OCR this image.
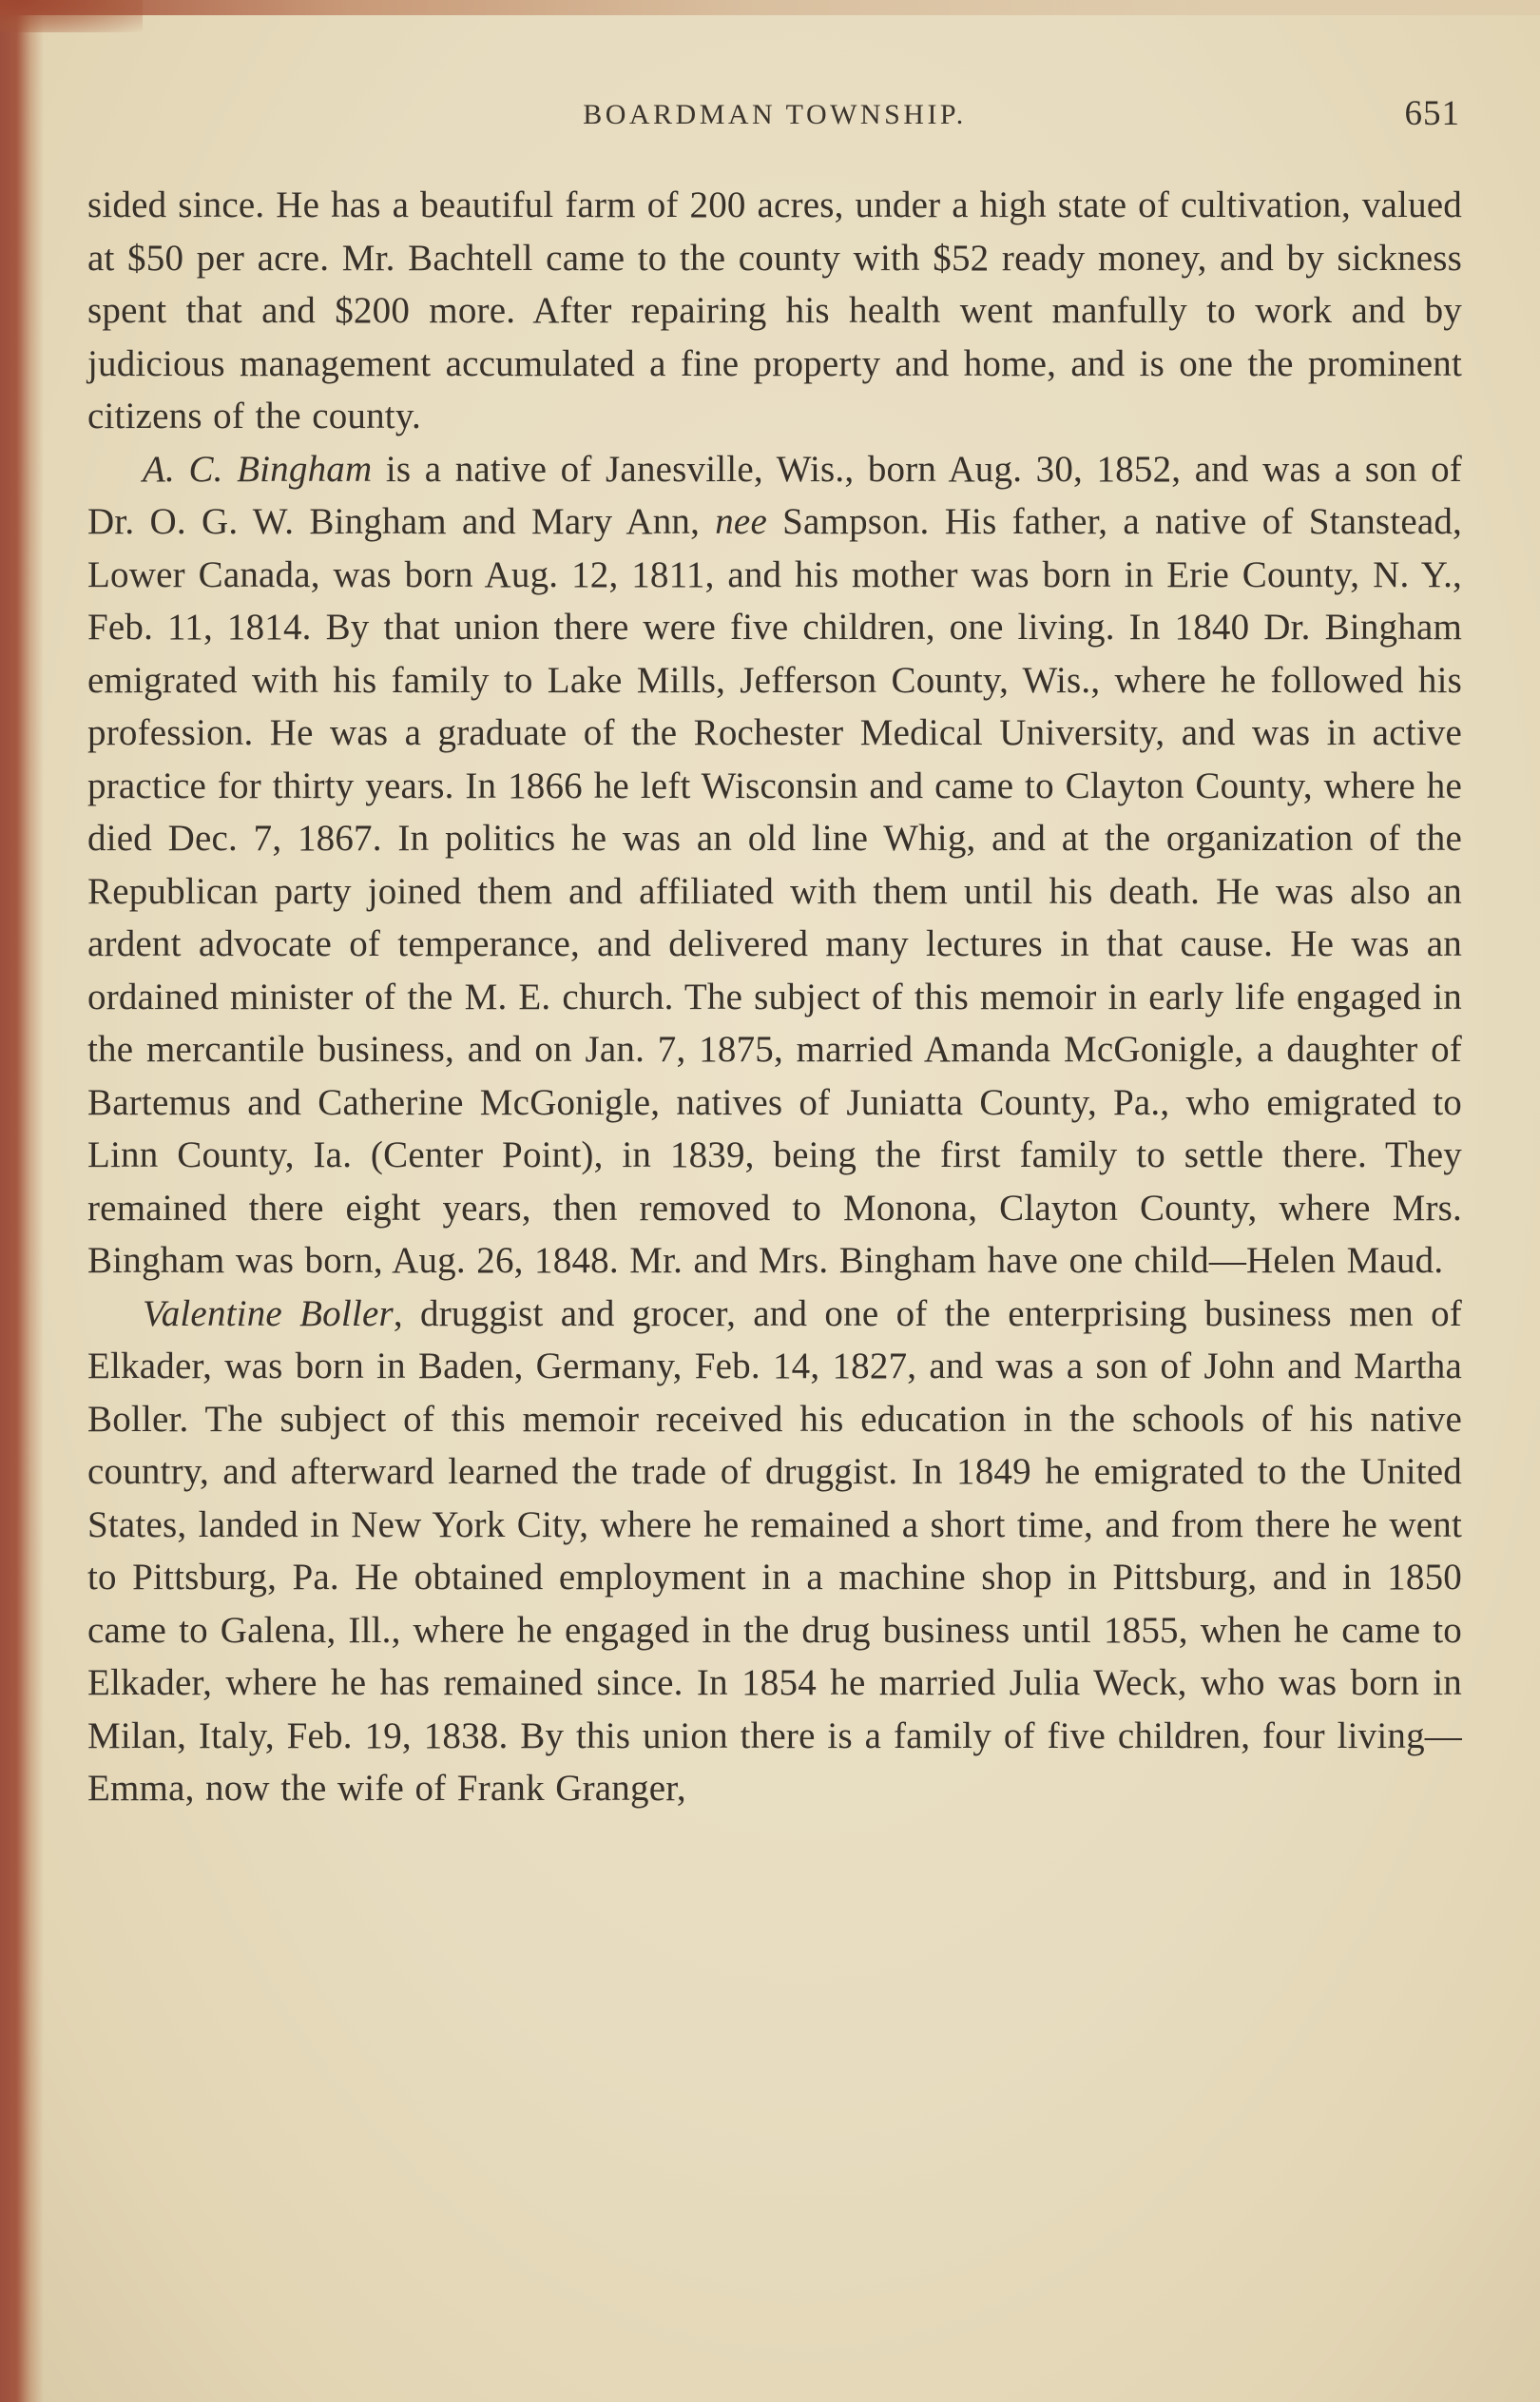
BOARDMAN TOWNSHIP.	651

sided since. He has a beautiful farm of 200 acres, under a high state of cultivation, valued at $50 per acre. Mr. Bachtell came to the county with $52 ready money, and by sickness spent that and $200 more. After repairing his health went manfully to work and by judicious management accumulated a fine property and home, and is one the prominent citizens of the county.

A. C. Bingham is a native of Janesville, Wis., born Aug. 30, 1852, and was a son of Dr. O. G. W. Bingham and Mary Ann, nee Sampson. His father, a native of Stanstead, Lower Canada, was born Aug. 12, 1811, and his mother was born in Erie County, N. Y., Feb. 11, 1814. By that union there were five children, one living. In 1840 Dr. Bingham emigrated with his family to Lake Mills, Jefferson County, Wis., where he followed his profession. He was a graduate of the Rochester Medical University, and was in active practice for thirty years. In 1866 he left Wisconsin and came to Clayton County, where he died Dec. 7, 1867. In politics he was an old line Whig, and at the organization of the Republican party joined them and affiliated with them until his death. He was also an ardent advocate of temperance, and delivered many lectures in that cause. He was an ordained minister of the M. E. church. The subject of this memoir in early life engaged in the mercantile business, and on Jan. 7, 1875, married Amanda McGonigle, a daughter of Bartemus and Catherine McGonigle, natives of Juniatta County, Pa., who emigrated to Linn County, Ia. (Center Point), in 1839, being the first family to settle there. They remained there eight years, then removed to Monona, Clayton County, where Mrs. Bingham was born, Aug. 26, 1848. Mr. and Mrs. Bingham have one child—Helen Maud.

Valentine Boller, druggist and grocer, and one of the enterprising business men of Elkader, was born in Baden, Germany, Feb. 14, 1827, and was a son of John and Martha Boller. The subject of this memoir received his education in the schools of his native country, and afterward learned the trade of druggist. In 1849 he emigrated to the United States, landed in New York City, where he remained a short time, and from there he went to Pittsburg, Pa. He obtained employment in a machine shop in Pittsburg, and in 1850 came to Galena, Ill., where he engaged in the drug business until 1855, when he came to Elkader, where he has remained since. In 1854 he married Julia Weck, who was born in Milan, Italy, Feb. 19, 1838. By this union there is a family of five children, four living—Emma, now the wife of Frank Granger,
